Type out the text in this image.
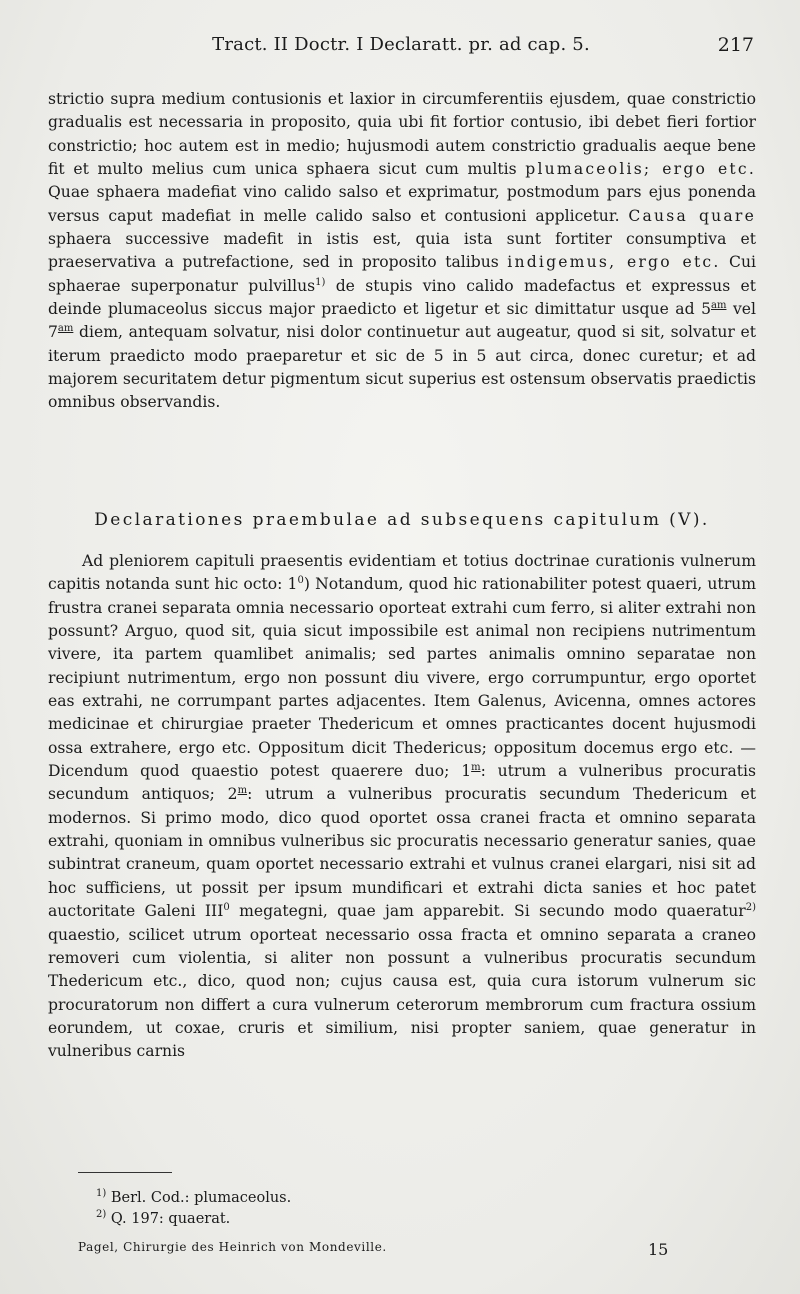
Tract. II Doctr. I Declaratt. pr. ad cap. 5.	217

strictio supra medium contusionis et laxior in circumferentiis ejusdem, quae constrictio gradualis est necessaria in proposito, quia ubi fit fortior contusio, ibi debet fieri fortior constrictio; hoc autem est in medio; hujusmodi autem constrictio gradualis aeque bene fit et multo melius cum unica sphaera sicut cum multis plumaceolis; ergo etc. Quae sphaera madefiat vino calido salso et exprimatur, postmodum pars ejus ponenda versus caput madefiat in melle calido salso et contusioni applicetur. Causa quare sphaera successive madefit in istis est, quia ista sunt fortiter consumptiva et praeservativa a putrefactione, sed in proposito talibus indigemus, ergo etc. Cui sphaerae superponatur pulvillus$^{1)}$ de stupis vino calido madefactus et expressus et deinde plumaceolus siccus major praedicto et ligetur et sic dimittatur usque ad $5^{am}$ vel $7^{am}$ diem, antequam solvatur, nisi dolor continuetur aut augeatur, quod si sit, solvatur et iterum praedicto modo praeparetur et sic de 5 in 5 aut circa, donec curetur; et ad majorem securitatem detur pigmentum sicut superius est ostensum observatis praedictis omnibus observandis.

Declarationes praembulae ad subsequens capitulum (V).

Ad pleniorem capituli praesentis evidentiam et totius doctrinae curationis vulnerum capitis notanda sunt hic octo: $1^0$) Notandum, quod hic rationabiliter potest quaeri, utrum frustra cranei separata omnia necessario oporteat extrahi cum ferro, si aliter extrahi non possunt? Arguo, quod sit, quia sicut impossibile est animal non recipiens nutrimentum vivere, ita partem quamlibet animalis; sed partes animalis omnino separatae non recipiunt nutrimentum, ergo non possunt diu vivere, ergo corrumpuntur, ergo oportet eas extrahi, ne corrumpant partes adjacentes. Item Galenus, Avicenna, omnes actores medicinae et chirurgiae praeter Thedericum et omnes practicantes docent hujusmodi ossa extrahere, ergo etc. Oppositum dicit Thedericus; oppositum docemus ergo etc. — Dicendum quod quaestio potest quaerere duo; 1$^m$: utrum a vulneribus procuratis secundum antiquos; 2$^m$: utrum a vulneribus procuratis secundum Thedericum et modernos. Si primo modo, dico quod oportet ossa cranei fracta et omnino separata extrahi, quoniam in omnibus vulneribus sic procuratis necessario generatur sanies, quae subintrat craneum, quam oportet necessario extrahi et vulnus cranei elargari, nisi sit ad hoc sufficiens, ut possit per ipsum mundificari et extrahi dicta sanies et hoc patet auctoritate Galeni III$^0$ megategni, quae jam apparebit. Si secundo modo quaeratur$^{2)}$ quaestio, scilicet utrum oporteat necessario ossa fracta et omnino separata a craneo removeri cum violentia, si aliter non possunt a vulneribus procuratis secundum Thedericum etc., dico, quod non; cujus causa est, quia cura istorum vulnerum sic procuratorum non differt a cura vulnerum ceterorum membrorum cum fractura ossium eorundem, ut coxae, cruris et similium, nisi propter saniem, quae generatur in vulneribus carnis

$^{1)}$ Berl. Cod.: plumaceolus.
$^{2)}$ Q. 197: quaerat.
Pagel, Chirurgie des Heinrich von Mondeville.	15
